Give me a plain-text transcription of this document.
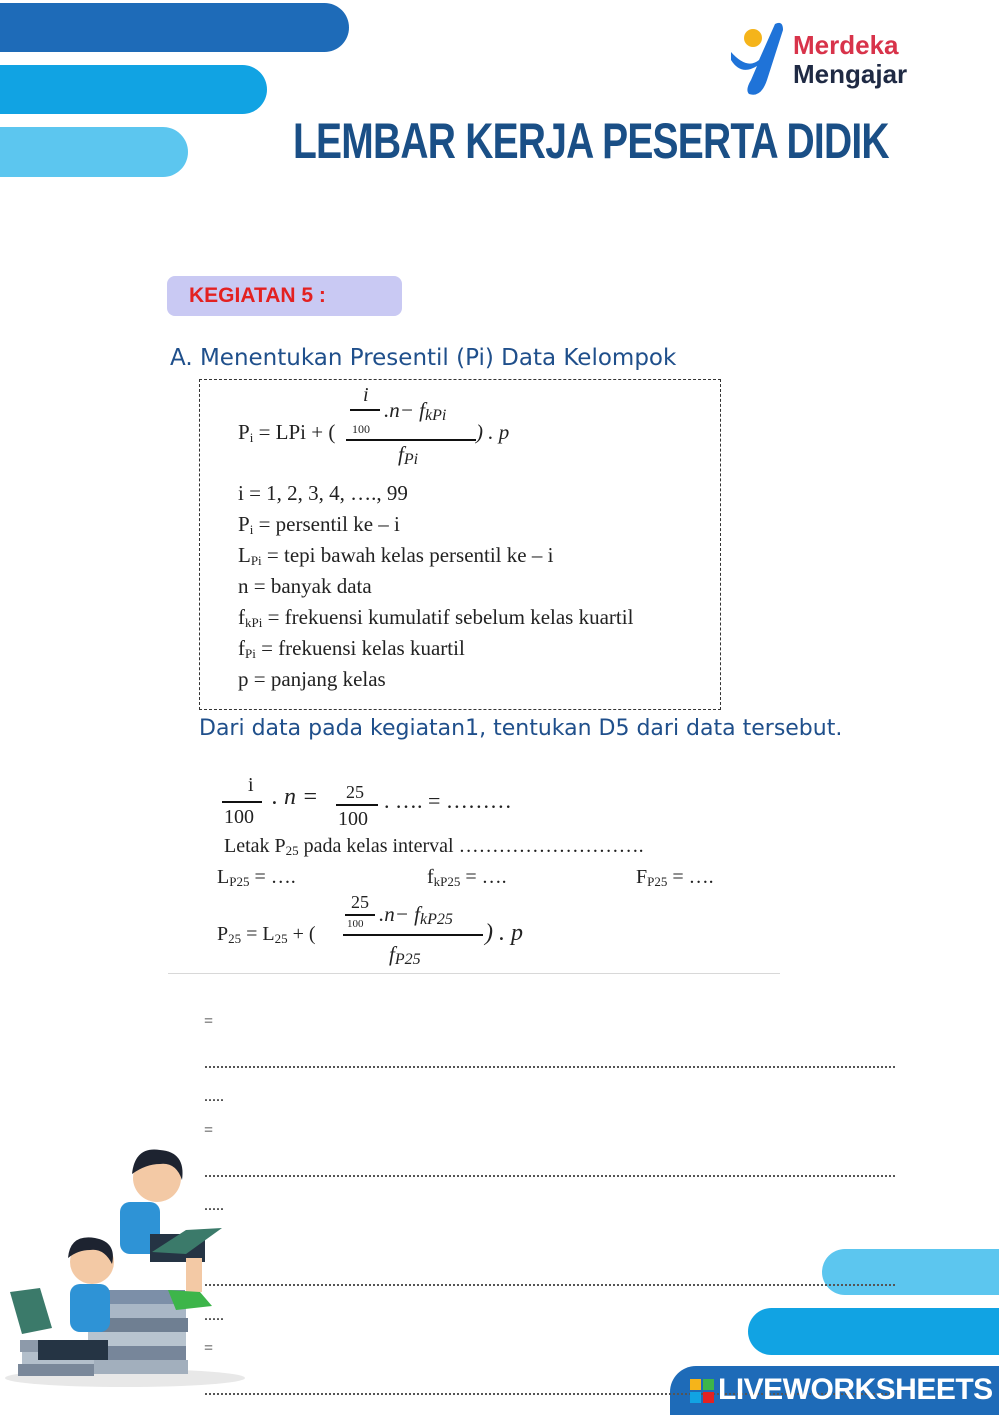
Merdeka
Mengajar
LEMBAR KERJA PESERTA DIDIK
KEGIATAN 5 :
A. Menentukan Presentil (Pi) Data Kelompok
$P_i$ = LPi + (
i
100
.n− fkPi
fPi
) . p
i = 1, 2, 3, 4, …., 99
$P_i$ = persentil ke – i
$L_{Pi}$ = tepi bawah kelas persentil ke – i
n = banyak data
$f_{kPi}$ = frekuensi kumulatif sebelum kelas kuartil
$f_{Pi}$ = frekuensi kelas kuartil
p = panjang kelas
Dari data pada kegiatan1, tentukan D5 dari data tersebut.
i
100
. n = 25
100
. …. = ………
Letak $P_{25}$ pada kelas interval ……………………….
$L_{P25}$ = ….	$f_{kP25}$ = ….	$F_{P25}$ = ….
$P_{25} = L_{25}$ + (
25
100 .n− fkP25
fP25
) . p
=
.....
=
.....
.....
=
LIVEWORKSHEETS
